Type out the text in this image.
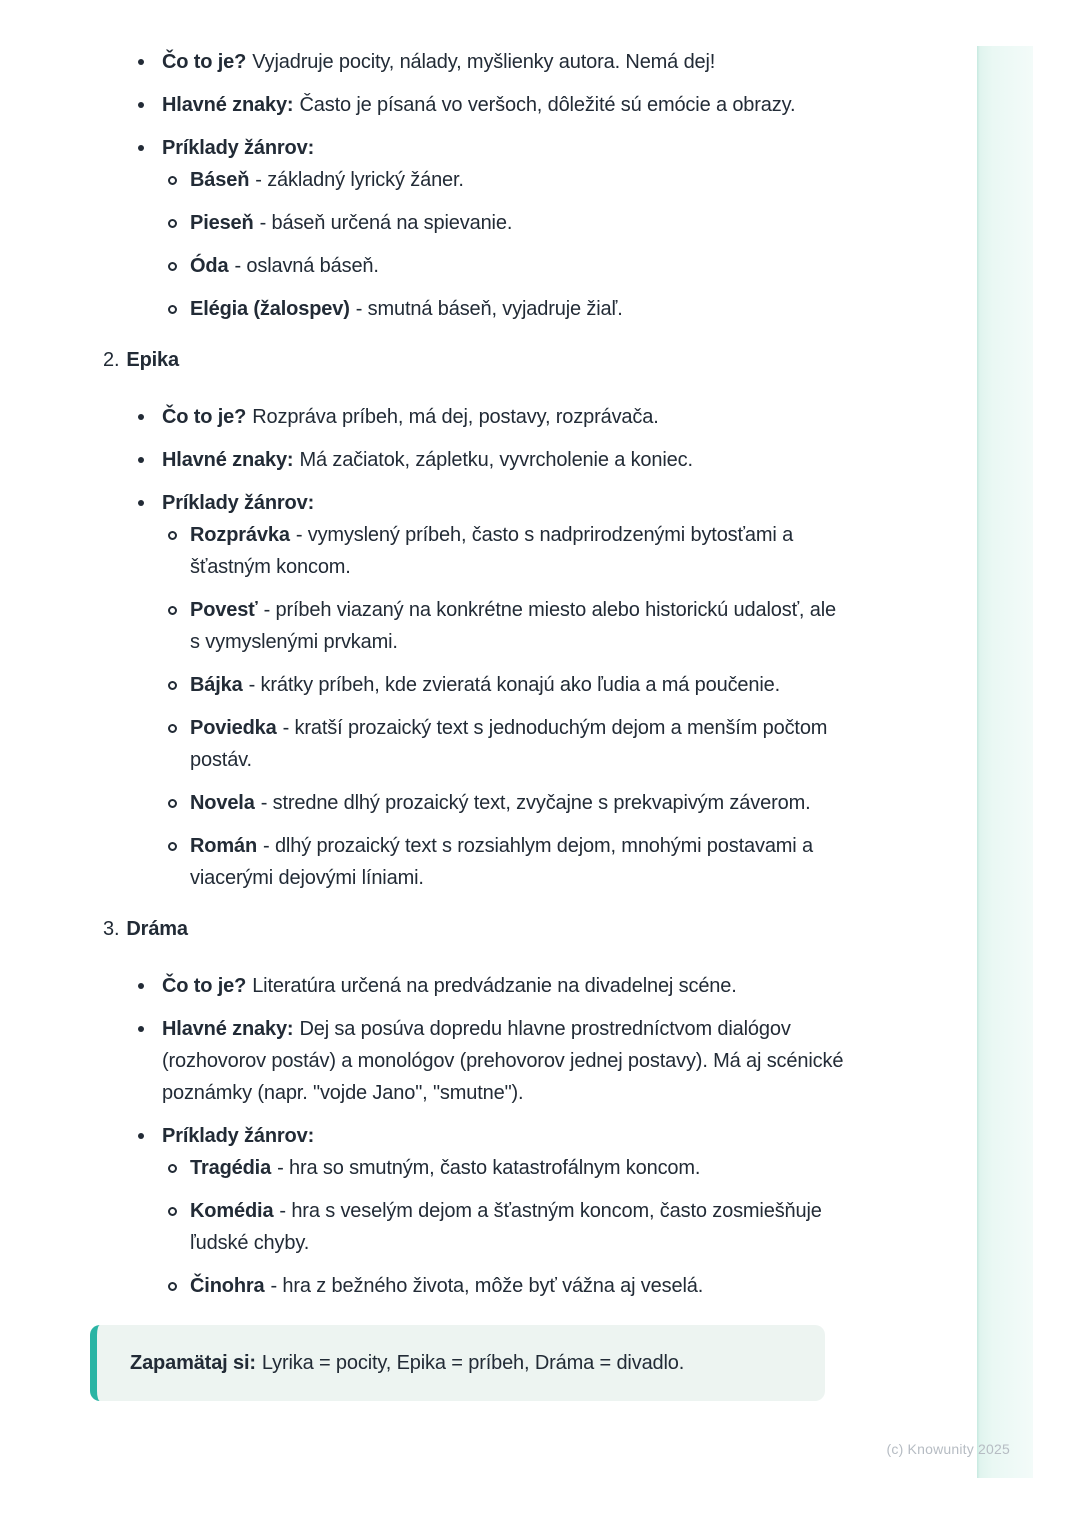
Čo to je? Vyjadruje pocity, nálady, myšlienky autora. Nemá dej!
Hlavné znaky: Často je písaná vo veršoch, dôležité sú emócie a obrazy.
Príklady žánrov:
Báseň - základný lyrický žáner.
Pieseň - báseň určená na spievanie.
Óda - oslavná báseň.
Elégia (žalospev) - smutná báseň, vyjadruje žiaľ.
2. Epika
Čo to je? Rozpráva príbeh, má dej, postavy, rozprávača.
Hlavné znaky: Má začiatok, zápletku, vyvrcholenie a koniec.
Príklady žánrov:
Rozprávka - vymyslený príbeh, často s nadprirodzenými bytosťami a šťastným koncom.
Povesť - príbeh viazaný na konkrétne miesto alebo historickú udalosť, ale s vymyslenými prvkami.
Bájka - krátky príbeh, kde zvieratá konajú ako ľudia a má poučenie.
Poviedka - kratší prozaický text s jednoduchým dejom a menším počtom postáv.
Novela - stredne dlhý prozaický text, zvyčajne s prekvapivým záverom.
Román - dlhý prozaický text s rozsiahlym dejom, mnohými postavami a viacerými dejovými líniami.
3. Dráma
Čo to je? Literatúra určená na predvádzanie na divadelnej scéne.
Hlavné znaky: Dej sa posúva dopredu hlavne prostredníctvom dialógov (rozhovorov postáv) a monológov (prehovorov jednej postavy). Má aj scénické poznámky (napr. "vojde Jano", "smutne").
Príklady žánrov:
Tragédia - hra so smutným, často katastrofálnym koncom.
Komédia - hra s veselým dejom a šťastným koncom, často zosmiešňuje ľudské chyby.
Činohra - hra z bežného života, môže byť vážna aj veselá.
Zapamätaj si: Lyrika = pocity, Epika = príbeh, Dráma = divadlo.
(c) Knowunity 2025
